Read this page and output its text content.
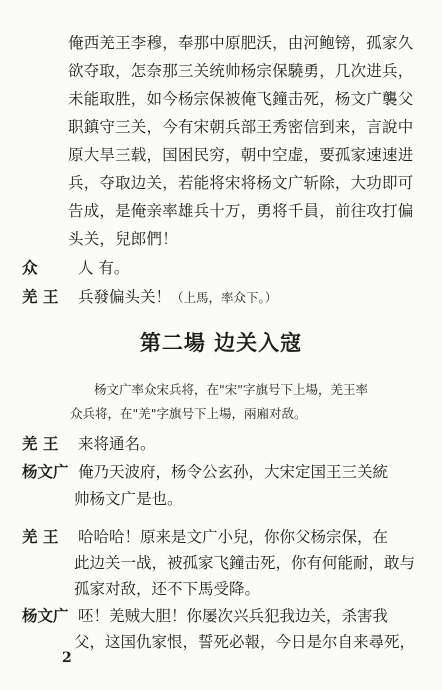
俺西羌王李穆，奉那中原肥沃，由河鲍镑，孤家久
欲夺取，怎奈那三关统帅杨宗保驍勇，几次进兵，
未能取胜，如今杨宗保被俺飞鐘击死，杨文广襲父
职鎮守三关，今有宋朝兵部王秀密信到来，言說中
原大旱三载，国困民穷，朝中空虚，要孤家速速进
兵，夺取边关，若能将宋将杨文广斩除，大功即可
告成，是俺亲率雄兵十万，勇将千員，前往攻打偏
头关，兒郎們！
众	人 有。
羌 王 兵發偏头关！（上馬，率众下。）
第二場 边关入寇
杨文广率众宋兵将，在"宋"字旗号下上場，羌王率
众兵将，在"羌"字旗号下上場，兩廂对敌。
羌 王 来将通名。
杨文广 俺乃天波府，杨令公玄孙，大宋定国王三关統
帅杨文广是也。
羌 王 哈哈哈！原来是文广小兒，你你父杨宗保，在
此边关一战，被孤家飞鐘击死，你有何能耐，敢与
孤家对敌，还不下馬受降。
杨文广 呸！羌贼大胆！你屡次兴兵犯我边关，杀害我
父，这国仇家恨，誓死必報，今日是尔自来尋死，
2
